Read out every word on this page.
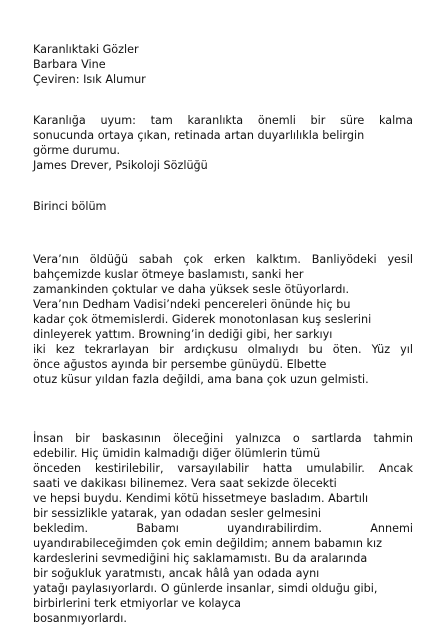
Karanlıktaki Gözler
Barbara Vine
Çeviren: Isık Alumur
Karanlığa uyum: tam karanlıkta önemli bir süre kalma
sonucunda ortaya çıkan, retinada artan duyarlılıkla belirgin
görme durumu.
James Drever, Psikoloji Sözlüğü
Birinci bölüm
Vera’nın öldüğü sabah çok erken kalktım. Banliyödeki yesil
bahçemizde kuslar ötmeye baslamıstı, sanki her
zamankinden çoktular ve daha yüksek sesle ötüyorlardı.
Vera’nın Dedham Vadisi’ndeki pencereleri önünde hiç bu
kadar çok ötmemislerdi. Giderek monotonlasan kuş seslerini
dinleyerek yattım. Browning’in dediği gibi, her sarkıyı
iki kez tekrarlayan bir ardıçkusu olmalıydı bu öten. Yüz yıl
önce ağustos ayında bir persembe günüydü. Elbette
otuz küsur yıldan fazla değildi, ama bana çok uzun gelmisti.
İnsan bir baskasının öleceğini yalnızca o sartlarda tahmin
edebilir. Hiç ümidin kalmadığı diğer ölümlerin tümü
önceden kestirilebilir, varsayılabilir hatta umulabilir. Ancak
saati ve dakikası bilinemez. Vera saat sekizde ölecekti
ve hepsi buydu. Kendimi kötü hissetmeye basladım. Abartılı
bir sessizlikle yatarak, yan odadan sesler gelmesini
bekledim. Babamı uyandırabilirdim. Annemi
uyandırabileceğimden çok emin değildim; annem babamın kız
kardeslerini sevmediğini hiç saklamamıstı. Bu da aralarında
bir soğukluk yaratmıstı, ancak hâlâ yan odada aynı
yatağı paylasıyorlardı. O günlerde insanlar, simdi olduğu gibi,
birbirlerini terk etmiyorlar ve kolayca
bosanmıyorlardı.
